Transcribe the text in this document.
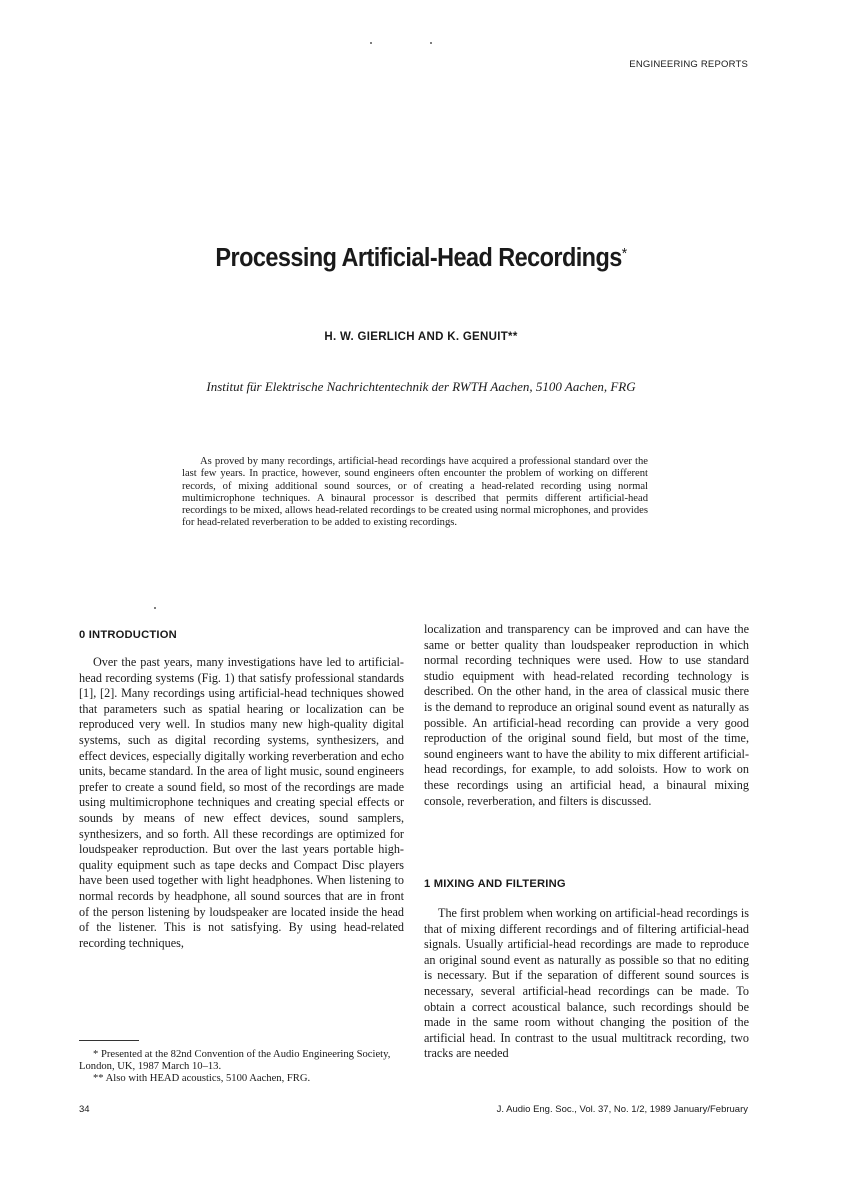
ENGINEERING REPORTS
Processing Artificial-Head Recordings*
H. W. GIERLICH AND K. GENUIT**
Institut für Elektrische Nachrichtentechnik der RWTH Aachen, 5100 Aachen, FRG

As proved by many recordings, artificial-head recordings have acquired a professional standard over the last few years. In practice, however, sound engineers often encounter the problem of working on different records, of mixing additional sound sources, or of creating a head-related recording using normal multimicrophone techniques. A binaural processor is described that permits different artificial-head recordings to be mixed, allows head-related recordings to be created using normal microphones, and provides for head-related reverberation to be added to existing recordings.

0 INTRODUCTION

Over the past years, many investigations have led to artificial-head recording systems (Fig. 1) that satisfy professional standards [1], [2]. Many recordings using artificial-head techniques showed that parameters such as spatial hearing or localization can be reproduced very well. In studios many new high-quality digital systems, such as digital recording systems, synthesizers, and effect devices, especially digitally working reverberation and echo units, became standard. In the area of light music, sound engineers prefer to create a sound field, so most of the recordings are made using multimicrophone techniques and creating special effects or sounds by means of new effect devices, sound samplers, synthesizers, and so forth. All these recordings are optimized for loudspeaker reproduction. But over the last years portable high-quality equipment such as tape decks and Compact Disc players have been used together with light headphones. When listening to normal records by headphone, all sound sources that are in front of the person listening by loudspeaker are located inside the head of the listener. This is not satisfying. By using head-related recording techniques,

localization and transparency can be improved and can have the same or better quality than loudspeaker reproduction in which normal recording techniques were used. How to use standard studio equipment with head-related recording technology is described. On the other hand, in the area of classical music there is the demand to reproduce an original sound event as naturally as possible. An artificial-head recording can provide a very good reproduction of the original sound field, but most of the time, sound engineers want to have the ability to mix different artificial-head recordings, for example, to add soloists. How to work on these recordings using an artificial head, a binaural mixing console, reverberation, and filters is discussed.

1 MIXING AND FILTERING

The first problem when working on artificial-head recordings is that of mixing different recordings and of filtering artificial-head signals. Usually artificial-head recordings are made to reproduce an original sound event as naturally as possible so that no editing is necessary. But if the separation of different sound sources is necessary, several artificial-head recordings can be made. To obtain a correct acoustical balance, such recordings should be made in the same room without changing the position of the artificial head. In contrast to the usual multitrack recording, two tracks are needed

* Presented at the 82nd Convention of the Audio Engineering Society, London, UK, 1987 March 10–13.

** Also with HEAD acoustics, 5100 Aachen, FRG.

34	J. Audio Eng. Soc., Vol. 37, No. 1/2, 1989 January/February
